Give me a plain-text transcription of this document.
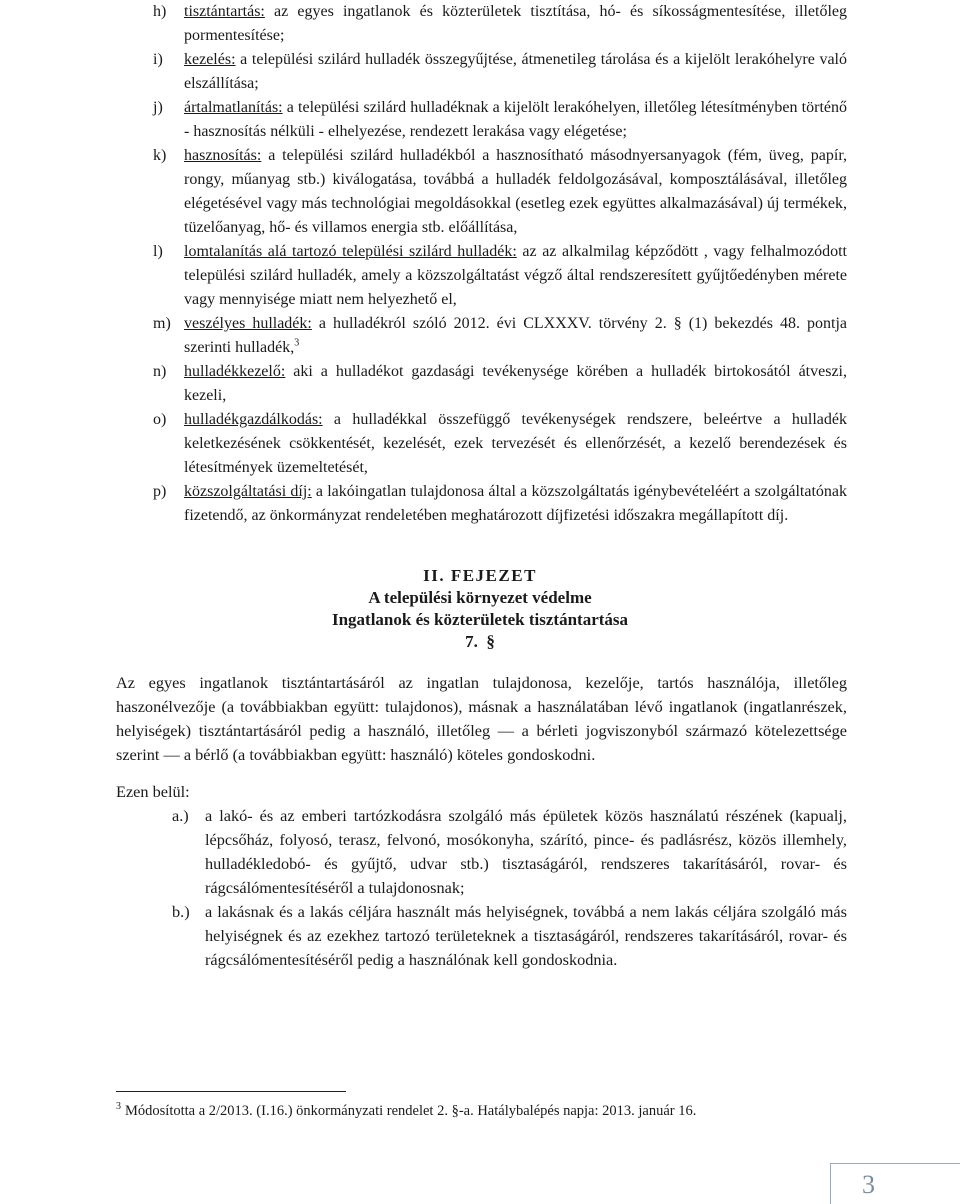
h) tisztántartás: az egyes ingatlanok és közterületek tisztítása, hó- és síkosságmentesítése, illetőleg pormentesítése;
i) kezelés: a települési szilárd hulladék összegyűjtése, átmenetileg tárolása és a kijelölt lerakóhelyre való elszállítása;
j) ártalmatlanítás: a települési szilárd hulladéknak a kijelölt lerakóhelyen, illetőleg létesítményben történő - hasznosítás nélküli - elhelyezése, rendezett lerakása vagy elégetése;
k) hasznosítás: a települési szilárd hulladékból a hasznosítható másodnyersanyagok (fém, üveg, papír, rongy, műanyag stb.) kiválogatása, továbbá a hulladék feldolgozásával, komposztálásával, illetőleg elégetésével vagy más technológiai megoldásokkal (esetleg ezek együttes alkalmazásával) új termékek, tüzelőanyag, hő- és villamos energia stb. előállítása,
l) lomtalanítás alá tartozó települési szilárd hulladék: az az alkalmilag képződött , vagy felhalmozódott települési szilárd hulladék, amely a közszolgáltatást végző által rendszeresített gyűjtőedényben mérete vagy mennyisége miatt nem helyezhető el,
m) veszélyes hulladék: a hulladékról szóló 2012. évi CLXXXV. törvény 2. § (1) bekezdés 48. pontja szerinti hulladék,$^3$
n) hulladékkezelő: aki a hulladékot gazdasági tevékenysége körében a hulladék birtokosától átveszi, kezeli,
o) hulladékgazdálkodás: a hulladékkal összefüggő tevékenységek rendszere, beleértve a hulladék keletkezésének csökkentését, kezelését, ezek tervezését és ellenőrzését, a kezelő berendezések és létesítmények üzemeltetését,
p) közszolgáltatási díj: a lakóingatlan tulajdonosa által a közszolgáltatás igénybevételéért a szolgáltatónak fizetendő, az önkormányzat rendeletében meghatározott díjfizetési időszakra megállapított díj.
II. FEJEZET
A települési környezet védelme
Ingatlanok és közterületek tisztántartása
7.  §
Az egyes ingatlanok tisztántartásáról az ingatlan tulajdonosa, kezelője, tartós használója, illetőleg haszonélvezője (a továbbiakban együtt: tulajdonos), másnak a használatában lévő ingatlanok (ingatlanrészek, helyiségek) tisztántartásáról pedig a használó, illetőleg — a bérleti jogviszonyból származó kötelezettsége szerint — a bérlő (a továbbiakban együtt: használó) köteles gondoskodni.
Ezen belül:
a.) a lakó- és az emberi tartózkodásra szolgáló más épületek közös használatú részének (kapualj, lépcsőház, folyosó, terasz, felvonó, mosókonyha, szárító, pince- és padlásrész, közös illemhely, hulladékledobó- és gyűjtő, udvar stb.) tisztaságáról, rendszeres takarításáról, rovar- és rágcsálómentesítéséről a tulajdonosnak;
b.) a lakásnak és a lakás céljára használt más helyiségnek, továbbá a nem lakás céljára szolgáló más helyiségnek és az ezekhez tartozó területeknek a tisztaságáról, rendszeres takarításáról, rovar- és rágcsálómentesítéséről pedig a használónak kell gondoskodnia.
$^3$ Módosította a 2/2013. (I.16.) önkormányzati rendelet 2. §-a. Hatálybalépés napja: 2013. január 16.
3
